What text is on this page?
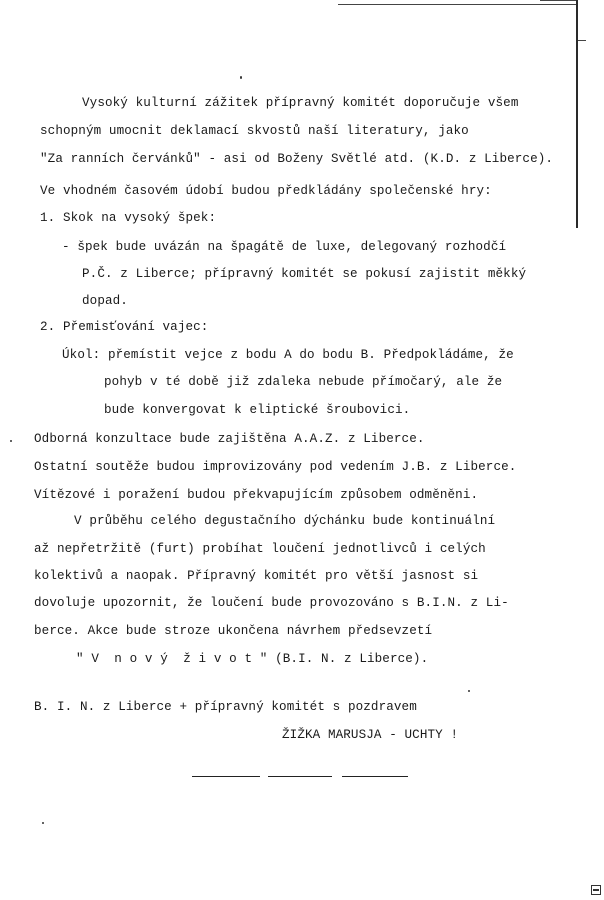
Vysoký kulturní zážitek přípravný komitét doporučuje všem
schopným umocnit deklamací skvostů naší literatury, jako
"Za ranních červánků" - asi od Boženy Světlé atd. (K.D. z Liberce).
Ve vhodném časovém údobí budou předkládány společenské hry:
1. Skok na vysoký špek:
- špek bude uvázán na špagátě de luxe, delegovaný rozhodčí
P.Č. z Liberce; přípravný komitét se pokusí zajistit měkký
dopad.
2. Přemisťování vajec:
Úkol: přemístit vejce z bodu A do bodu B. Předpokládáme, že
pohyb v té době již zdaleka nebude přímočarý, ale že
bude konvergovat k eliptické šroubovici.
Odborná konzultace bude zajištěna A.A.Z. z Liberce.
Ostatní soutěže budou improvizovány pod vedením J.B. z Liberce.
Vítězové i poražení budou překvapujícím způsobem odměněni.
V průběhu celého degustačního dýchánku bude kontinuální
až nepřetržitě (furt) probíhat loučení jednotlivců i celých
kolektivů a naopak. Přípravný komitét pro větší jasnost si
dovoluje upozornit, že loučení bude provozováno s B.I.N. z Li-
berce. Akce bude stroze ukončena návrhem předsevzetí
" V  n o v ý  ž i v o t " (B.I. N. z Liberce).
B. I. N. z Liberce + přípravný komitét s pozdravem
ŽIŽKA MARUSJA - UCHTY !
